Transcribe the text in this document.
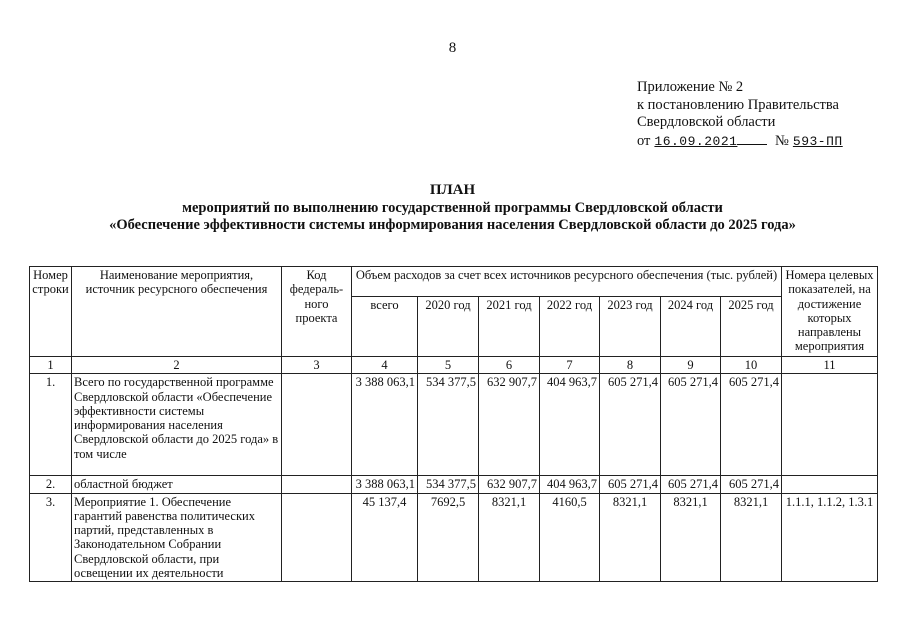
8
Приложение № 2
к постановлению Правительства
Свердловской области
от 16.09.2021	№ 593-ПП
ПЛАН
мероприятий по выполнению государственной программы Свердловской области
«Обеспечение эффективности системы информирования населения Свердловской области до 2025 года»
Номер строки	Наименование мероприятия, источник ресурсного обеспечения	Код федераль-ного проекта	Объем расходов за счет всех источников ресурсного обеспечения (тыс. рублей)							Номера целевых показателей, на достижение которых направлены мероприятия
			всего	2020 год	2021 год	2022 год	2023 год	2024 год	2025 год	
1	2	3	4	5	6	7	8	9	10	11
1.	Всего по государственной программе Свердловской области «Обеспечение эффективности системы информирования населения Свердловской области до 2025 года» в том числе		3 388 063,1	534 377,5	632 907,7	404 963,7	605 271,4	605 271,4	605 271,4	
2.	областной бюджет		3 388 063,1	534 377,5	632 907,7	404 963,7	605 271,4	605 271,4	605 271,4	
3.	Мероприятие 1. Обеспечение гарантий равенства политических партий, представленных в Законодательном Собрании Свердловской области, при освещении их деятельности		45 137,4	7692,5	8321,1	4160,5	8321,1	8321,1	8321,1	1.1.1, 1.1.2, 1.3.1
